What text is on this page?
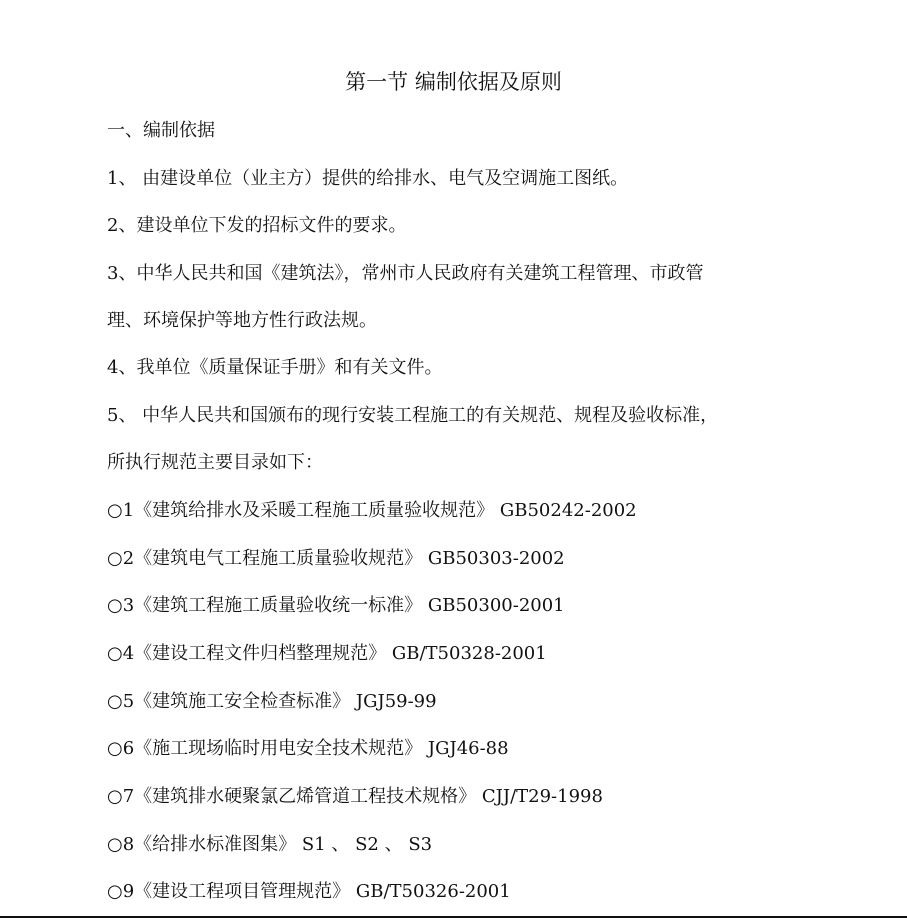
第一节 编制依据及原则
一、编制依据
1、 由建设单位（业主方）提供的给排水、电气及空调施工图纸。
2、建设单位下发的招标文件的要求。
3、中华人民共和国《建筑法》，常州市人民政府有关建筑工程管理、市政管
理、环境保护等地方性行政法规。
4、我单位《质量保证手册》和有关文件。
5、 中华人民共和国颁布的现行安装工程施工的有关规范、规程及验收标准，
所执行规范主要目录如下：
○1《建筑给排水及采暖工程施工质量验收规范》 GB50242-2002
○2《建筑电气工程施工质量验收规范》 GB50303-2002
○3《建筑工程施工质量验收统一标准》 GB50300-2001
○4《建设工程文件归档整理规范》 GB/T50328-2001
○5《建筑施工安全检查标准》 JGJ59-99
○6《施工现场临时用电安全技术规范》 JGJ46-88
○7《建筑排水硬聚氯乙烯管道工程技术规格》 CJJ/T29-1998
○8《给排水标准图集》 S1 、 S2 、 S3
○9《建设工程项目管理规范》 GB/T50326-2001
